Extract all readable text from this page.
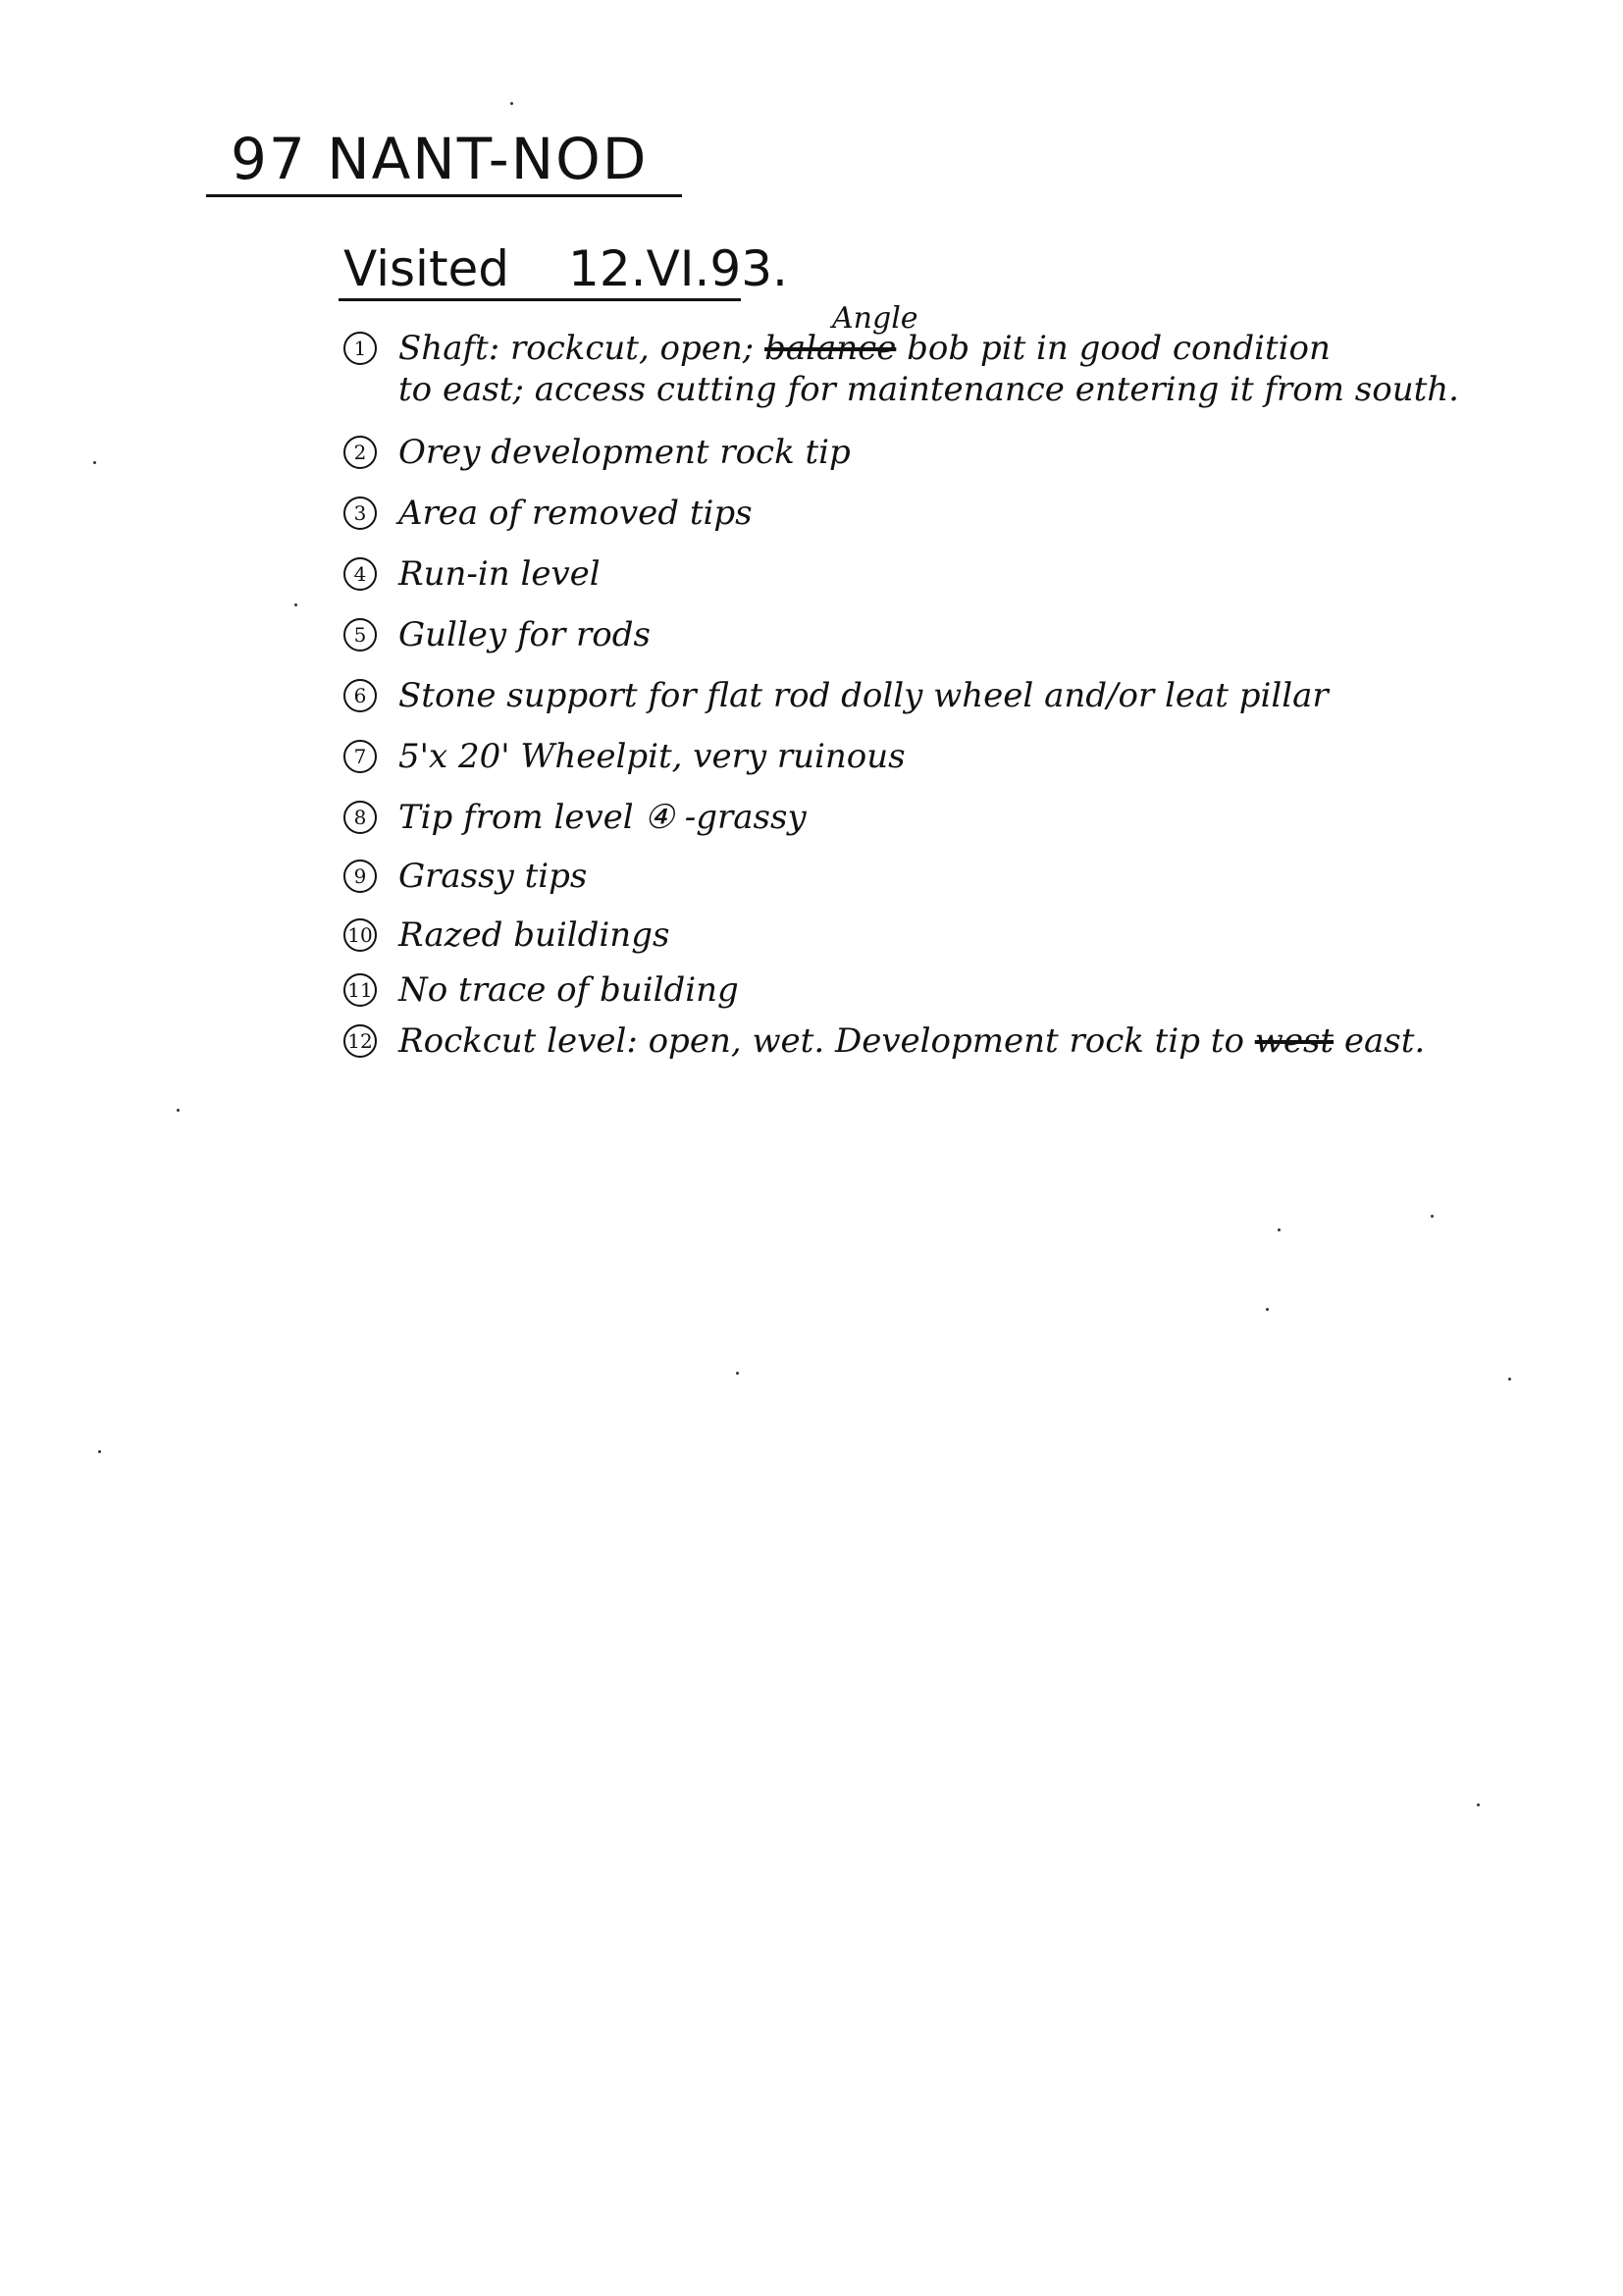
97 NANT-NOD
Visited 12.VI.93.
1
Angle
Shaft: rockcut, open; balance bob pit in good condition
to east; access cutting for maintenance entering it from south.
2 Orey development rock tip
3 Area of removed tips
4 Run-in level
5 Gulley for rods
6 Stone support for flat rod dolly wheel and/or leat pillar
7 5'x 20' Wheelpit, very ruinous
8 Tip from level ④ -grassy
9 Grassy tips
10 Razed buildings
11 No trace of building
12 Rockcut level: open, wet. Development rock tip to west east.
